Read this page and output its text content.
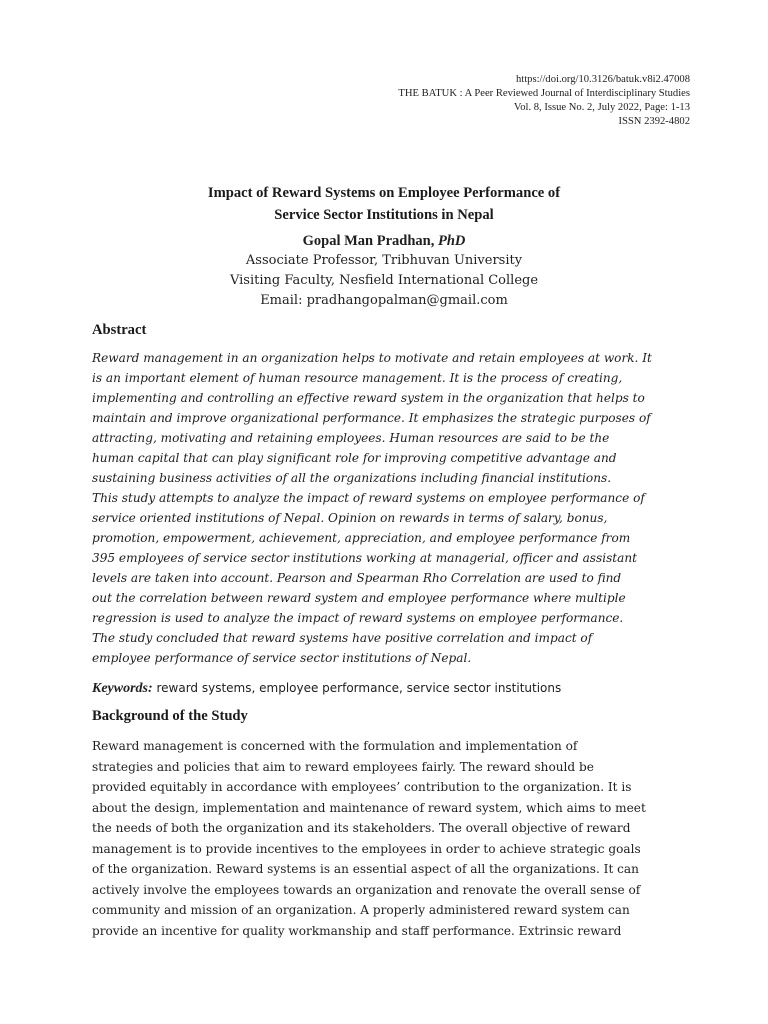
https://doi.org/10.3126/batuk.v8i2.47008
THE BATUK : A Peer Reviewed Journal of Interdisciplinary Studies
Vol. 8, Issue No. 2, July 2022, Page: 1-13
ISSN 2392-4802
Impact of Reward Systems on Employee Performance of
Service Sector Institutions in Nepal
Gopal Man Pradhan, PhD
Associate Professor, Tribhuvan University
Visiting Faculty, Nesfield International College
Email: pradhangopalman@gmail.com
Abstract
Reward management in an organization helps to motivate and retain employees at work. It
is an important element of human resource management. It is the process of creating,
implementing and controlling an effective reward system in the organization that helps to
maintain and improve organizational performance. It emphasizes the strategic purposes of
attracting, motivating and retaining employees. Human resources are said to be the
human capital that can play significant role for improving competitive advantage and
sustaining business activities of all the organizations including financial institutions.
This study attempts to analyze the impact of reward systems on employee performance of
service oriented institutions of Nepal. Opinion on rewards in terms of salary, bonus,
promotion, empowerment, achievement, appreciation, and employee performance from
395 employees of service sector institutions working at managerial, officer and assistant
levels are taken into account. Pearson and Spearman Rho Correlation are used to find
out the correlation between reward system and employee performance where multiple
regression is used to analyze the impact of reward systems on employee performance.
The study concluded that reward systems have positive correlation and impact of
employee performance of service sector institutions of Nepal.
Keywords: reward systems, employee performance, service sector institutions
Background of the Study
Reward management is concerned with the formulation and implementation of
strategies and policies that aim to reward employees fairly. The reward should be
provided equitably in accordance with employees’ contribution to the organization. It is
about the design, implementation and maintenance of reward system, which aims to meet
the needs of both the organization and its stakeholders. The overall objective of reward
management is to provide incentives to the employees in order to achieve strategic goals
of the organization. Reward systems is an essential aspect of all the organizations. It can
actively involve the employees towards an organization and renovate the overall sense of
community and mission of an organization. A properly administered reward system can
provide an incentive for quality workmanship and staff performance. Extrinsic reward
